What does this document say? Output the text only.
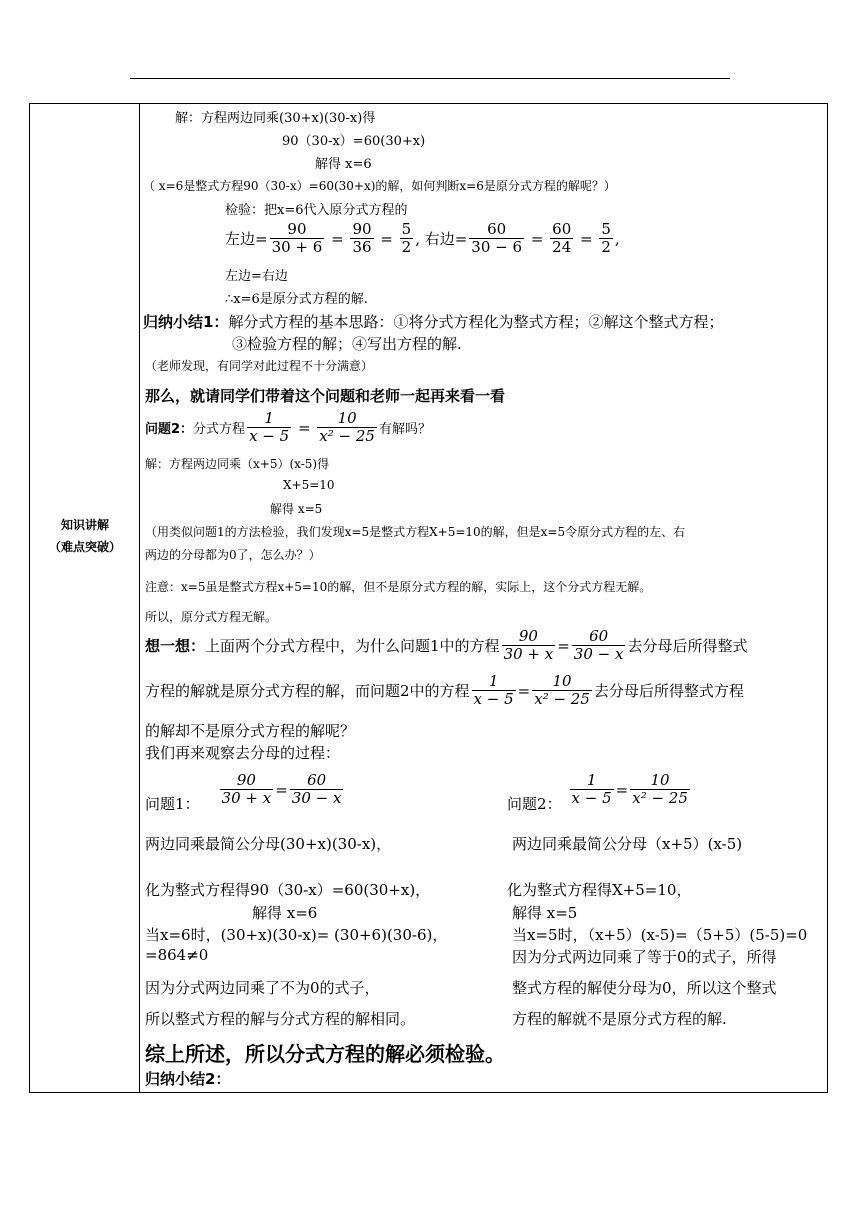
知识讲解
（难点突破）
解：方程两边同乘(30+x)(30-x)得
90（30-x）=60(30+x)
解得 x=6
（ x=6是整式方程90（30-x）=60(30+x)的解，如何判断x=6是原分式方程的解呢？）
检验：把x=6代入原分式方程的
左边= $\frac{90}{30 + 6} = \frac{90}{36} = \frac{5}{2}$ , 右边= $\frac{60}{30 - 6} = \frac{60}{24} = \frac{5}{2}$ ,
左边=右边
∴x=6是原分式方程的解.
归纳小结1：解分式方程的基本思路：①将分式方程化为整式方程；②解这个整式方程；
③检验方程的解；④写出方程的解.
（老师发现，有同学对此过程不十分满意）
那么，就请同学们带着这个问题和老师一起再来看一看
问题2： 分式方程 $\frac{1}{x - 5} = \frac{10}{\text{x² − 25}}$ 有解吗？
解：方程两边同乘（x+5）(x-5)得
X+5=10
解得 x=5
（用类似问题1的方法检验，我们发现x=5是整式方程X+5=10的解，但是x=5令原分式方程的左、右
两边的分母都为0了，怎么办？）
注意：x=5虽是整式方程x+5=10的解，但不是原分式方程的解，实际上，这个分式方程无解。
所以，原分式方程无解。
想一想： 上面两个分式方程中，为什么问题1中的方程 $\frac{90}{30 + x} = \frac{60}{30 - x}$ 去分母后所得整式
方程的解就是原分式方程的解，而问题2中的方程 $\frac{1}{x - 5} = \frac{10}{\text{x² − 25}}$ 去分母后所得整式方程
的解却不是原分式方程的解呢？
我们再来观察去分母的过程：
问题1： $\frac{90}{30 + x} = \frac{60}{30 - x}$
两边同乘最简公分母(30+x)(30-x)，
化为整式方程得90（30-x）=60(30+x)，
解得 x=6
当x=6时，(30+x)(30-x)= (30+6)(30-6)，
=864≠0
因为分式两边同乘了不为0的式子，
所以整式方程的解与分式方程的解相同。
问题2： $\frac{1}{x - 5} = \frac{10}{\text{x² − 25}}$
两边同乘最简公分母（x+5）(x-5)
化为整式方程得X+5=10，
解得 x=5
当x=5时，（x+5）(x-5)=（5+5）(5-5)=0
因为分式两边同乘了等于0的式子，所得
整式方程的解使分母为0，所以这个整式
方程的解就不是原分式方程的解.
综上所述，所以分式方程的解必须检验。
归纳小结2：
